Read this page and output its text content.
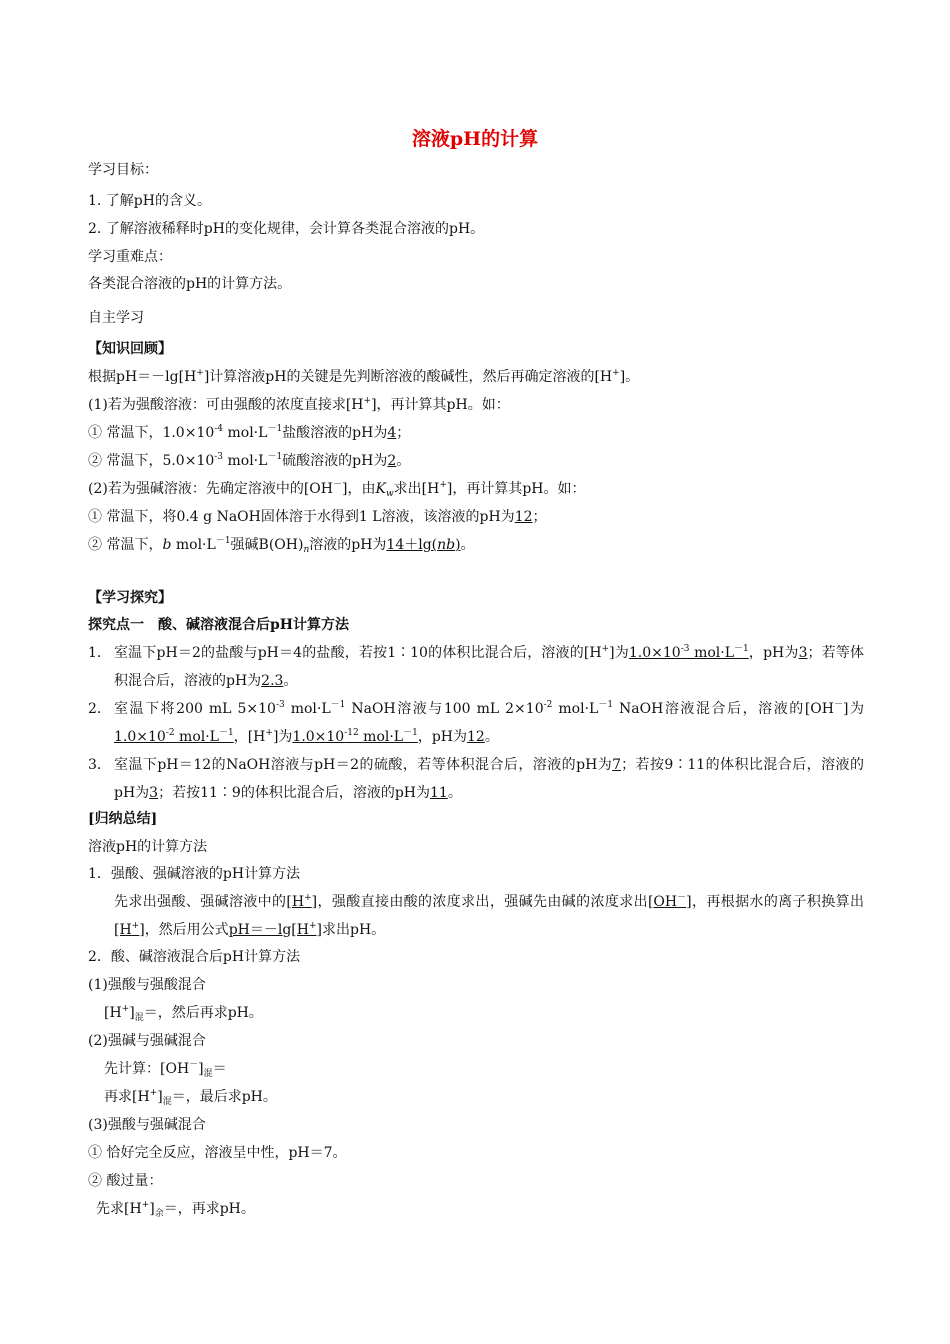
溶液pH的计算
学习目标：
1. 了解pH的含义。
2. 了解溶液稀释时pH的变化规律，会计算各类混合溶液的pH。
学习重难点：
各类混合溶液的pH的计算方法。
自主学习
【知识回顾】
根据pH＝－lg[H+]计算溶液pH的关键是先判断溶液的酸碱性，然后再确定溶液的[H+]。
(1)若为强酸溶液：可由强酸的浓度直接求[H+]，再计算其pH。如：
① 常温下，$1.0\times 10^{-4}$ $mol\cdot L^{-1}$盐酸溶液的pH为4；
② 常温下，$5.0\times 10^{-3}$ $mol\cdot L^{-1}$硫酸溶液的pH为2。
(2)若为强碱溶液：先确定溶液中的[OH－]，由$K_w$求出[H+]，再计算其pH。如：
① 常温下，将0.4 g NaOH固体溶于水得到1 L溶液，该溶液的pH为12；
② 常温下，b $mol\cdot L^{-1}$强碱$B(OH)_n$溶液的pH为14＋lg(nb)。
【学习探究】
探究点一　酸、碱溶液混合后pH计算方法
1． 室温下pH＝2的盐酸与pH＝4的盐酸，若按1∶10的体积比混合后，溶液的[H+]为$1.0\times 10^{-3}$ $mol\cdot L^{-1}$，pH为3；若等体积混合后，溶液的pH为2.3。
2． 室温下将200 mL $5\times 10^{-3}$ $mol\cdot L^{-1}$ NaOH溶液与100 mL $2\times 10^{-2}$ $mol\cdot L^{-1}$ NaOH溶液混合后，溶液的[OH－]为$1.0\times 10^{-2}$ $mol\cdot L^{-1}$，[H+]为$1.0\times 10^{-12}$ $mol\cdot L^{-1}$，pH为12。
3． 室温下pH＝12的NaOH溶液与pH＝2的硫酸，若等体积混合后，溶液的pH为7；若按9∶11的体积比混合后，溶液的pH为3；若按11∶9的体积比混合后，溶液的pH为11。
[归纳总结]
溶液pH的计算方法
1．强酸、强碱溶液的pH计算方法
先求出强酸、强碱溶液中的[H+]，强酸直接由酸的浓度求出，强碱先由碱的浓度求出[OH－]，再根据水的离子积换算出[H+]，然后用公式pH＝－lg[H+]求出pH。
2．酸、碱溶液混合后pH计算方法
(1)强酸与强酸混合
$[H^+]_混=$，然后再求pH。
(2)强碱与强碱混合
先计算：$[OH^-]_混=$
再求$[H^+]_混=$，最后求pH。
(3)强酸与强碱混合
① 恰好完全反应，溶液呈中性，pH＝7。
② 酸过量：
先求$[H^+]_余=$，再求pH。
